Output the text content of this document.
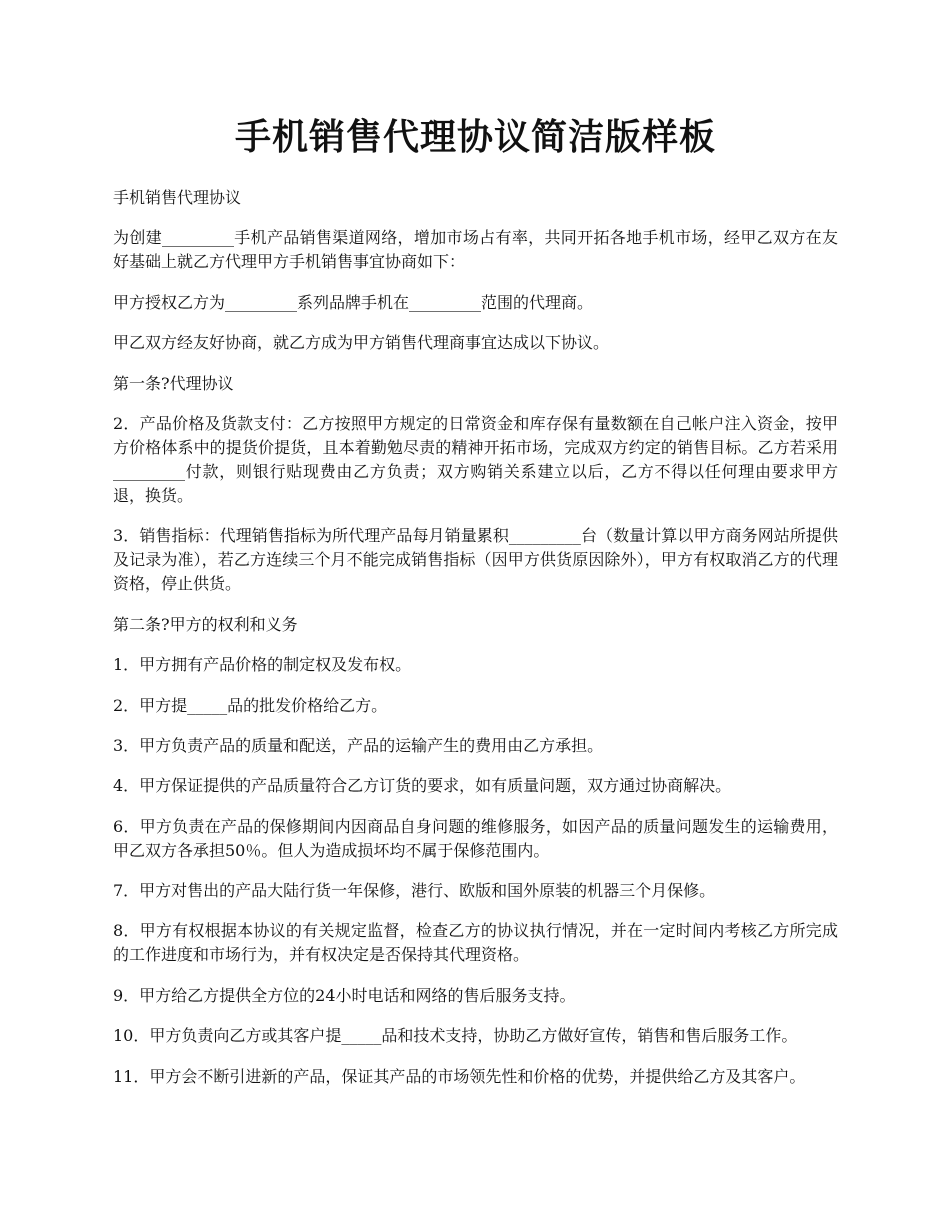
手机销售代理协议简洁版样板

手机销售代理协议

为创建_________手机产品销售渠道网络，增加市场占有率，共同开拓各地手机市场，经甲乙双方在友好基础上就乙方代理甲方手机销售事宜协商如下：

甲方授权乙方为_________系列品牌手机在_________范围的代理商。

甲乙双方经友好协商，就乙方成为甲方销售代理商事宜达成以下协议。

第一条?代理协议

2．产品价格及货款支付：乙方按照甲方规定的日常资金和库存保有量数额在自己帐户注入资金，按甲方价格体系中的提货价提货，且本着勤勉尽责的精神开拓市场，完成双方约定的销售目标。乙方若采用_________付款，则银行贴现费由乙方负责；双方购销关系建立以后，乙方不得以任何理由要求甲方退，换货。

3．销售指标：代理销售指标为所代理产品每月销量累积_________台（数量计算以甲方商务网站所提供及记录为准），若乙方连续三个月不能完成销售指标（因甲方供货原因除外），甲方有权取消乙方的代理资格，停止供货。

第二条?甲方的权利和义务

1．甲方拥有产品价格的制定权及发布权。

2．甲方提_____品的批发价格给乙方。

3．甲方负责产品的质量和配送，产品的运输产生的费用由乙方承担。

4．甲方保证提供的产品质量符合乙方订货的要求，如有质量问题，双方通过协商解决。

6．甲方负责在产品的保修期间内因商品自身问题的维修服务，如因产品的质量问题发生的运输费用，甲乙双方各承担50％。但人为造成损坏均不属于保修范围内。

7．甲方对售出的产品大陆行货一年保修，港行、欧版和国外原装的机器三个月保修。

8．甲方有权根据本协议的有关规定监督，检查乙方的协议执行情况，并在一定时间内考核乙方所完成的工作进度和市场行为，并有权决定是否保持其代理资格。

9．甲方给乙方提供全方位的24小时电话和网络的售后服务支持。

10．甲方负责向乙方或其客户提_____品和技术支持，协助乙方做好宣传，销售和售后服务工作。

11．甲方会不断引进新的产品，保证其产品的市场领先性和价格的优势，并提供给乙方及其客户。
